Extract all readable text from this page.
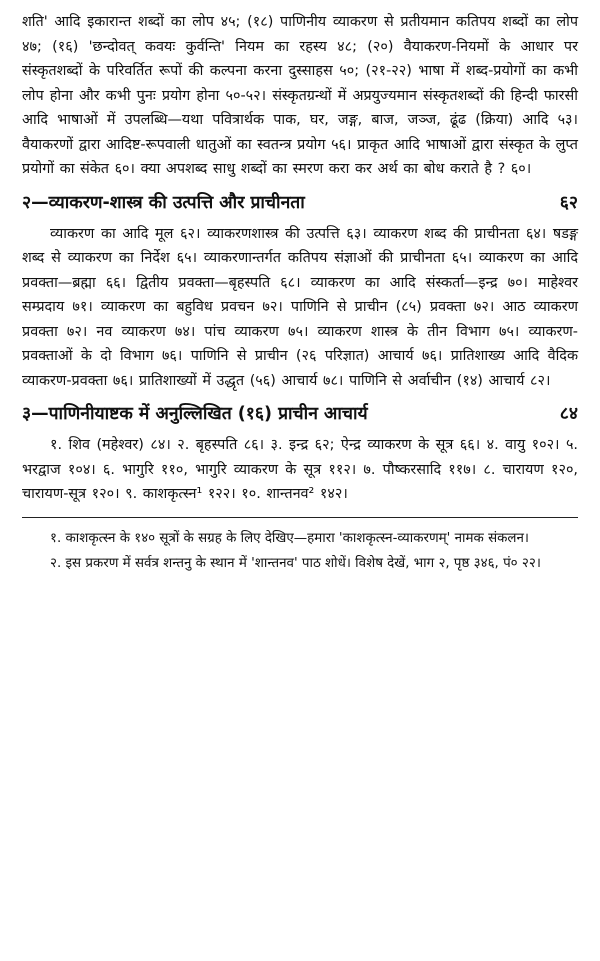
शति' आदि इकारान्त शब्दों का लोप ४५; (१८) पाणिनीय व्याकरण से प्रतीयमान कतिपय शब्दों का लोप ४७; (१६) 'छन्दोवत् कवयः कुर्वन्ति' नियम का रहस्य ४८; (२०) वैयाकरण-नियमों के आधार पर संस्कृतशब्दों के परिवर्तित रूपों की कल्पना करना दुस्साहस ५०; (२१-२२) भाषा में शब्द-प्रयोगों का कभी लोप होना और कभी पुनः प्रयोग होना ५०-५२। संस्कृतग्रन्थों में अप्रयुज्यमान संस्कृतशब्दों की हिन्दी फारसी आदि भाषाओं में उपलब्धि—यथा पवित्रार्थक पाक, घर, जङ्ग, बाज, जञ्ज, ढूंढ (क्रिया) आदि ५३। वैयाकरणों द्वारा आदिष्ट-रूपवाली धातुओं का स्वतन्त्र प्रयोग ५६। प्राकृत आदि भाषाओं द्वारा संस्कृत के लुप्त प्रयोगों का संकेत ६०। क्या अपशब्द साधु शब्दों का स्मरण करा कर अर्थ का बोध कराते है ? ६०।

२—व्याकरण-शास्त्र की उत्पत्ति और प्राचीनता	६२

व्याकरण का आदि मूल ६२। व्याकरणशास्त्र की उत्पत्ति ६३। व्याकरण शब्द की प्राचीनता ६४। षडङ्ग शब्द से व्याकरण का निर्देश ६५। व्याकरणान्तर्गत कतिपय संज्ञाओं की प्राचीनता ६५। व्याकरण का आदि प्रवक्ता—ब्रह्मा ६६। द्वितीय प्रवक्ता—बृहस्पति ६८। व्याकरण का आदि संस्कर्ता—इन्द्र ७०। माहेश्वर सम्प्रदाय ७१। व्याकरण का बहुविध प्रवचन ७२। पाणिनि से प्राचीन (८५) प्रवक्ता ७२। आठ व्याकरण प्रवक्ता ७२। नव व्याकरण ७४। पांच व्याकरण ७५। व्याकरण शास्त्र के तीन विभाग ७५। व्याकरण-प्रवक्ताओं के दो विभाग ७६। पाणिनि से प्राचीन (२६ परिज्ञात) आचार्य ७६। प्रातिशाख्य आदि वैदिक व्याकरण-प्रवक्ता ७६। प्रातिशाख्यों में उद्धृत (५६) आचार्य ७८। पाणिनि से अर्वाचीन (१४) आचार्य ८२।

३—पाणिनीयाष्टक में अनुल्लिखित (१६) प्राचीन आचार्य	८४

१. शिव (महेश्वर) ८४। २. बृहस्पति ८६। ३. इन्द्र ६२; ऐन्द्र व्याकरण के सूत्र ६६। ४. वायु १०२। ५. भरद्वाज १०४। ६. भागुरि ११०, भागुरि व्याकरण के सूत्र ११२। ७. पौष्करसादि ११७। ८. चारायण १२०, चारायण-सूत्र १२०। ९. काशकृत्स्न¹ १२२। १०. शान्तनव² १४२।

१. काशकृत्स्न के १४० सूत्रों के सग्रह के लिए देखिए—हमारा 'काशकृत्स्न-व्याकरणम्' नामक संकलन।

२. इस प्रकरण में सर्वत्र शन्तनु के स्थान में 'शान्तनव' पाठ शोधें। विशेष देखें, भाग २, पृष्ठ ३४६, पं० २२।
